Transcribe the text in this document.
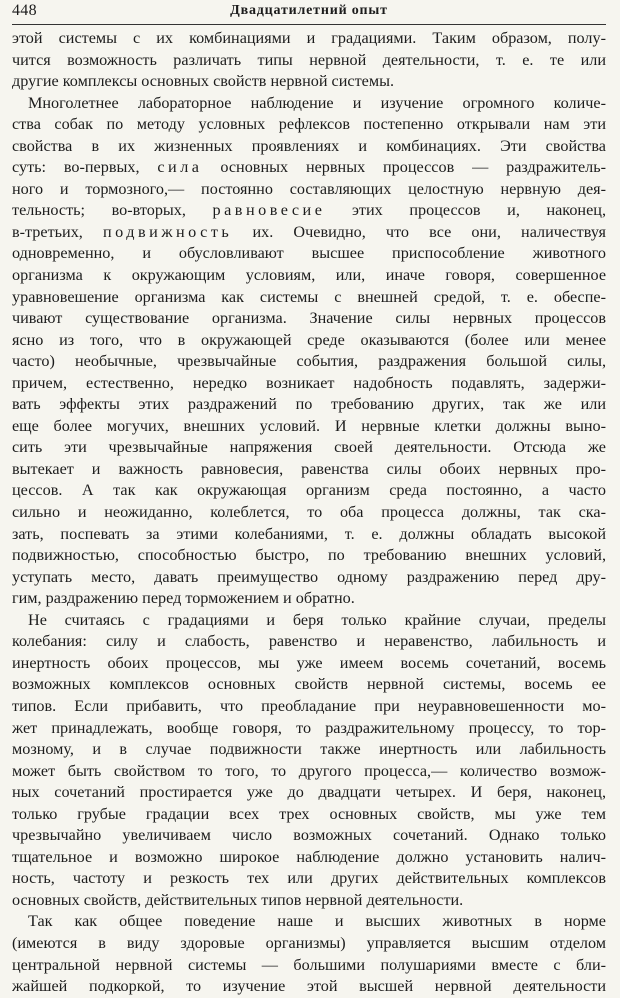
448	Двадцатилетний опыт
этой системы с их комбинациями и градациями. Таким образом, полу-
чится возможность различать типы нервной деятельности, т. е. те или
другие комплексы основных свойств нервной системы.
Многолетнее лабораторное наблюдение и изучение огромного количе-
ства собак по методу условных рефлексов постепенно открывали нам эти
свойства в их жизненных проявлениях и комбинациях. Эти свойства
суть: во-первых, сила основных нервных процессов — раздражитель-
ного и тормозного,— постоянно составляющих целостную нервную дея-
тельность; во-вторых, равновесие этих процессов и, наконец,
в-третьих, подвижность их. Очевидно, что все они, наличествуя
одновременно, и обусловливают высшее приспособление животного
организма к окружающим условиям, или, иначе говоря, совершенное
уравновешение организма как системы с внешней средой, т. е. обеспе-
чивают существование организма. Значение силы нервных процессов
ясно из того, что в окружающей среде оказываются (более или менее
часто) необычные, чрезвычайные события, раздражения большой силы,
причем, естественно, нередко возникает надобность подавлять, задержи-
вать эффекты этих раздражений по требованию других, так же или
еще более могучих, внешних условий. И нервные клетки должны выно-
сить эти чрезвычайные напряжения своей деятельности. Отсюда же
вытекает и важность равновесия, равенства силы обоих нервных про-
цессов. А так как окружающая организм среда постоянно, а часто
сильно и неожиданно, колеблется, то оба процесса должны, так ска-
зать, поспевать за этими колебаниями, т. е. должны обладать высокой
подвижностью, способностью быстро, по требованию внешних условий,
уступать место, давать преимущество одному раздражению перед дру-
гим, раздражению перед торможением и обратно.
Не считаясь с градациями и беря только крайние случаи, пределы
колебания: силу и слабость, равенство и неравенство, лабильность и
инертность обоих процессов, мы уже имеем восемь сочетаний, восемь
возможных комплексов основных свойств нервной системы, восемь ее
типов. Если прибавить, что преобладание при неуравновешенности мо-
жет принадлежать, вообще говоря, то раздражительному процессу, то тор-
мозному, и в случае подвижности также инертность или лабильность
может быть свойством то того, то другого процесса,— количество возмож-
ных сочетаний простирается уже до двадцати четырех. И беря, наконец,
только грубые градации всех трех основных свойств, мы уже тем
чрезвычайно увеличиваем число возможных сочетаний. Однако только
тщательное и возможно широкое наблюдение должно установить налич-
ность, частоту и резкость тех или других действительных комплексов
основных свойств, действительных типов нервной деятельности.
Так как общее поведение наше и высших животных в норме
(имеются в виду здоровые организмы) управляется высшим отделом
центральной нервной системы — большими полушариями вместе с бли-
жайшей подкоркой, то изучение этой высшей нервной деятельности
